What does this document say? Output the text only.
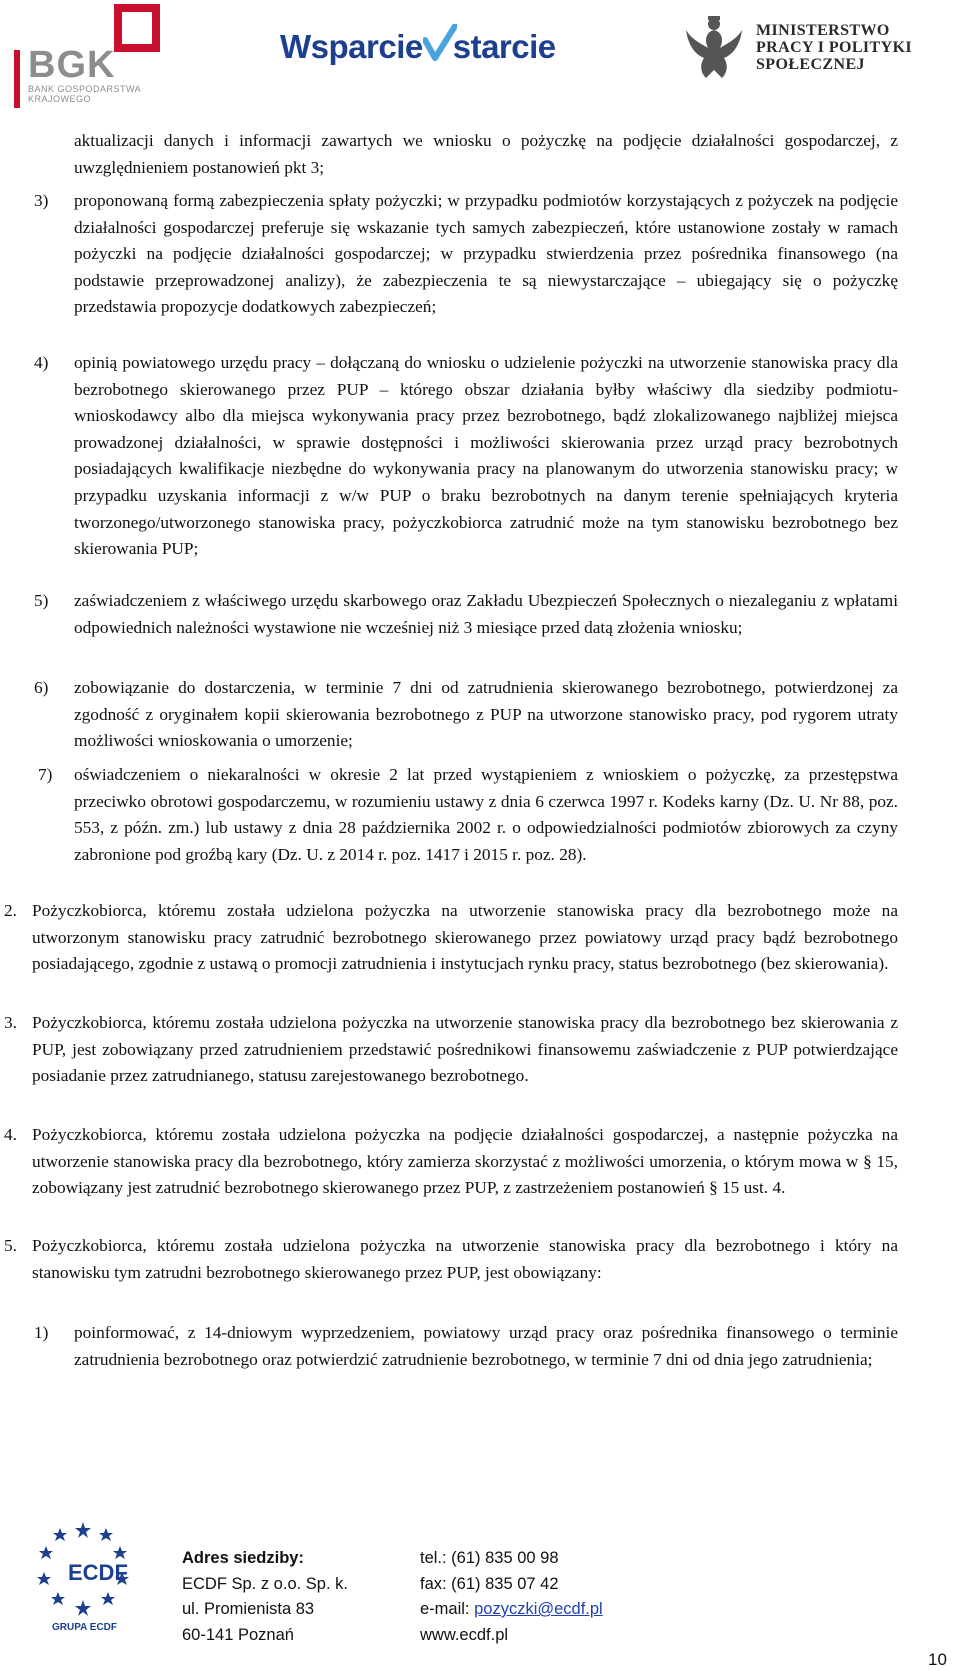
BGK
BANK GOSPODARSTWA KRAJOWEGO
Wsparcie starcie	MINISTERSTWO
PRACY I POLITYKI
SPOŁECZNEJ
aktualizacji danych i informacji zawartych we wniosku o pożyczkę na podjęcie działalności gospodarczej, z uwzględnieniem postanowień pkt 3;
3) proponowaną formą zabezpieczenia spłaty pożyczki; w przypadku podmiotów korzystających z pożyczek na podjęcie działalności gospodarczej preferuje się wskazanie tych samych zabezpieczeń, które ustanowione zostały w ramach pożyczki na podjęcie działalności gospodarczej; w przypadku stwierdzenia przez pośrednika finansowego (na podstawie przeprowadzonej analizy), że zabezpieczenia te są niewystarczające – ubiegający się o pożyczkę przedstawia propozycje dodatkowych zabezpieczeń;
4) opinią powiatowego urzędu pracy – dołączaną do wniosku o udzielenie pożyczki na utworzenie stanowiska pracy dla bezrobotnego skierowanego przez PUP – którego obszar działania byłby właściwy dla siedziby podmiotu-wnioskodawcy albo dla miejsca wykonywania pracy przez bezrobotnego, bądź zlokalizowanego najbliżej miejsca prowadzonej działalności, w sprawie dostępności i możliwości skierowania przez urząd pracy bezrobotnych posiadających kwalifikacje niezbędne do wykonywania pracy na planowanym do utworzenia stanowisku pracy; w przypadku uzyskania informacji z w/w PUP o braku bezrobotnych na danym terenie spełniających kryteria tworzonego/utworzonego stanowiska pracy, pożyczkobiorca zatrudnić może na tym stanowisku bezrobotnego bez skierowania PUP;
5) zaświadczeniem z właściwego urzędu skarbowego oraz Zakładu Ubezpieczeń Społecznych o niezaleganiu z wpłatami odpowiednich należności wystawione nie wcześniej niż 3 miesiące przed datą złożenia wniosku;
6) zobowiązanie do dostarczenia, w terminie 7 dni od zatrudnienia skierowanego bezrobotnego, potwierdzonej za zgodność z oryginałem kopii skierowania bezrobotnego z PUP na utworzone stanowisko pracy, pod rygorem utraty możliwości wnioskowania o umorzenie;
7) oświadczeniem o niekaralności w okresie 2 lat przed wystąpieniem z wnioskiem o pożyczkę, za przestępstwa przeciwko obrotowi gospodarczemu, w rozumieniu ustawy z dnia 6 czerwca 1997 r. Kodeks karny (Dz. U. Nr 88, poz. 553, z późn. zm.) lub ustawy z dnia 28 października 2002 r. o odpowiedzialności podmiotów zbiorowych za czyny zabronione pod groźbą kary (Dz. U. z 2014 r. poz. 1417 i 2015 r. poz. 28).
2. Pożyczkobiorca, któremu została udzielona pożyczka na utworzenie stanowiska pracy dla bezrobotnego może na utworzonym stanowisku pracy zatrudnić bezrobotnego skierowanego przez powiatowy urząd pracy bądź bezrobotnego posiadającego, zgodnie z ustawą o promocji zatrudnienia i instytucjach rynku pracy, status bezrobotnego (bez skierowania).
3. Pożyczkobiorca, któremu została udzielona pożyczka na utworzenie stanowiska pracy dla bezrobotnego bez skierowania z PUP, jest zobowiązany przed zatrudnieniem przedstawić pośrednikowi finansowemu zaświadczenie z PUP potwierdzające posiadanie przez zatrudnianego, statusu zarejestowanego bezrobotnego.
4. Pożyczkobiorca, któremu została udzielona pożyczka na podjęcie działalności gospodarczej, a następnie pożyczka na utworzenie stanowiska pracy dla bezrobotnego, który zamierza skorzystać z możliwości umorzenia, o którym mowa w § 15, zobowiązany jest zatrudnić bezrobotnego skierowanego przez PUP, z zastrzeżeniem postanowień § 15 ust. 4.
5. Pożyczkobiorca, któremu została udzielona pożyczka na utworzenie stanowiska pracy dla bezrobotnego i który na stanowisku tym zatrudni bezrobotnego skierowanego przez PUP, jest obowiązany:
1) poinformować, z 14-dniowym wyprzedzeniem, powiatowy urząd pracy oraz pośrednika finansowego o terminie zatrudnienia bezrobotnego oraz potwierdzić zatrudnienie bezrobotnego, w terminie 7 dni od dnia jego zatrudnienia;
ECDF
GRUPA ECDF
Adres siedziby:
ECDF Sp. z o.o. Sp. k.
ul. Promienista 83
60-141 Poznań
tel.: (61) 835 00 98
fax: (61) 835 07 42
e-mail: pozyczki@ecdf.pl
www.ecdf.pl
10
